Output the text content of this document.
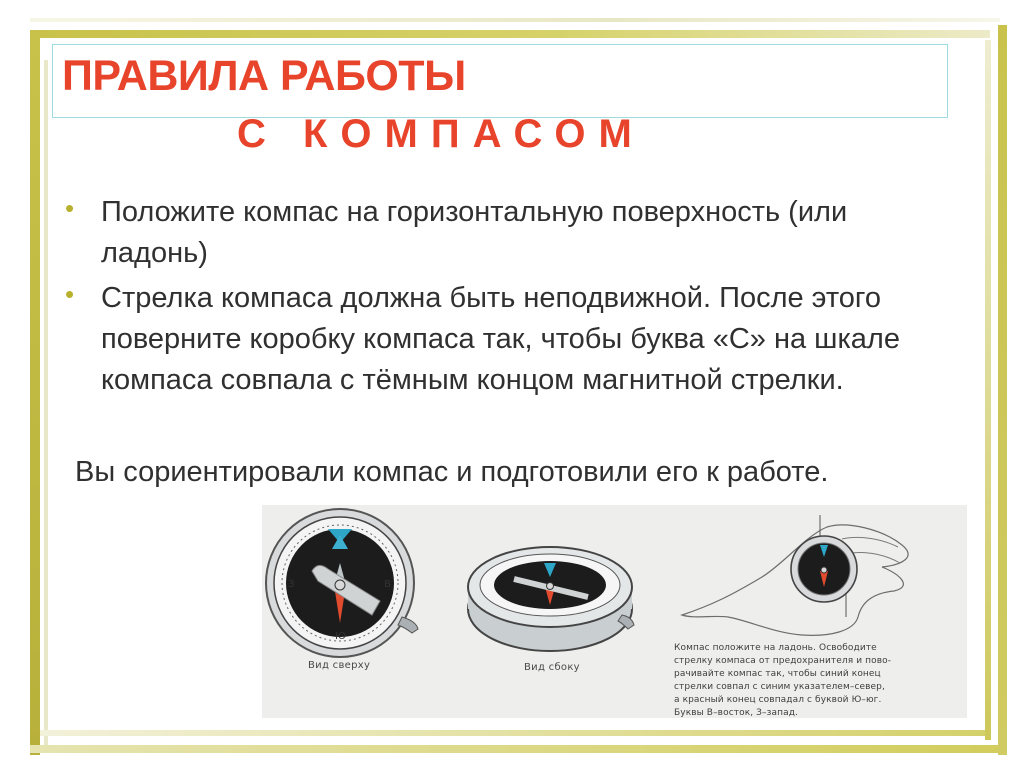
ПРАВИЛА РАБОТЫ
С КОМПАСОМ
• Положите компас на горизонтальную поверхность (или ладонь)
• Стрелка компаса должна быть неподвижной. После этого поверните коробку компаса так, чтобы буква «С» на шкале компаса совпала с тёмным концом магнитной стрелки.
Вы сориентировали компас и подготовили его к работе.
З	В
Ю
Вид сверху	Вид сбоку
Компас положите на ладонь. Освободите
стрелку компаса от предохранителя и пово-
рачивайте компас так, чтобы синий конец
стрелки совпал с синим указателем–север,
а красный конец совпадал с буквой Ю–юг.
Буквы В–восток, З–запад.
